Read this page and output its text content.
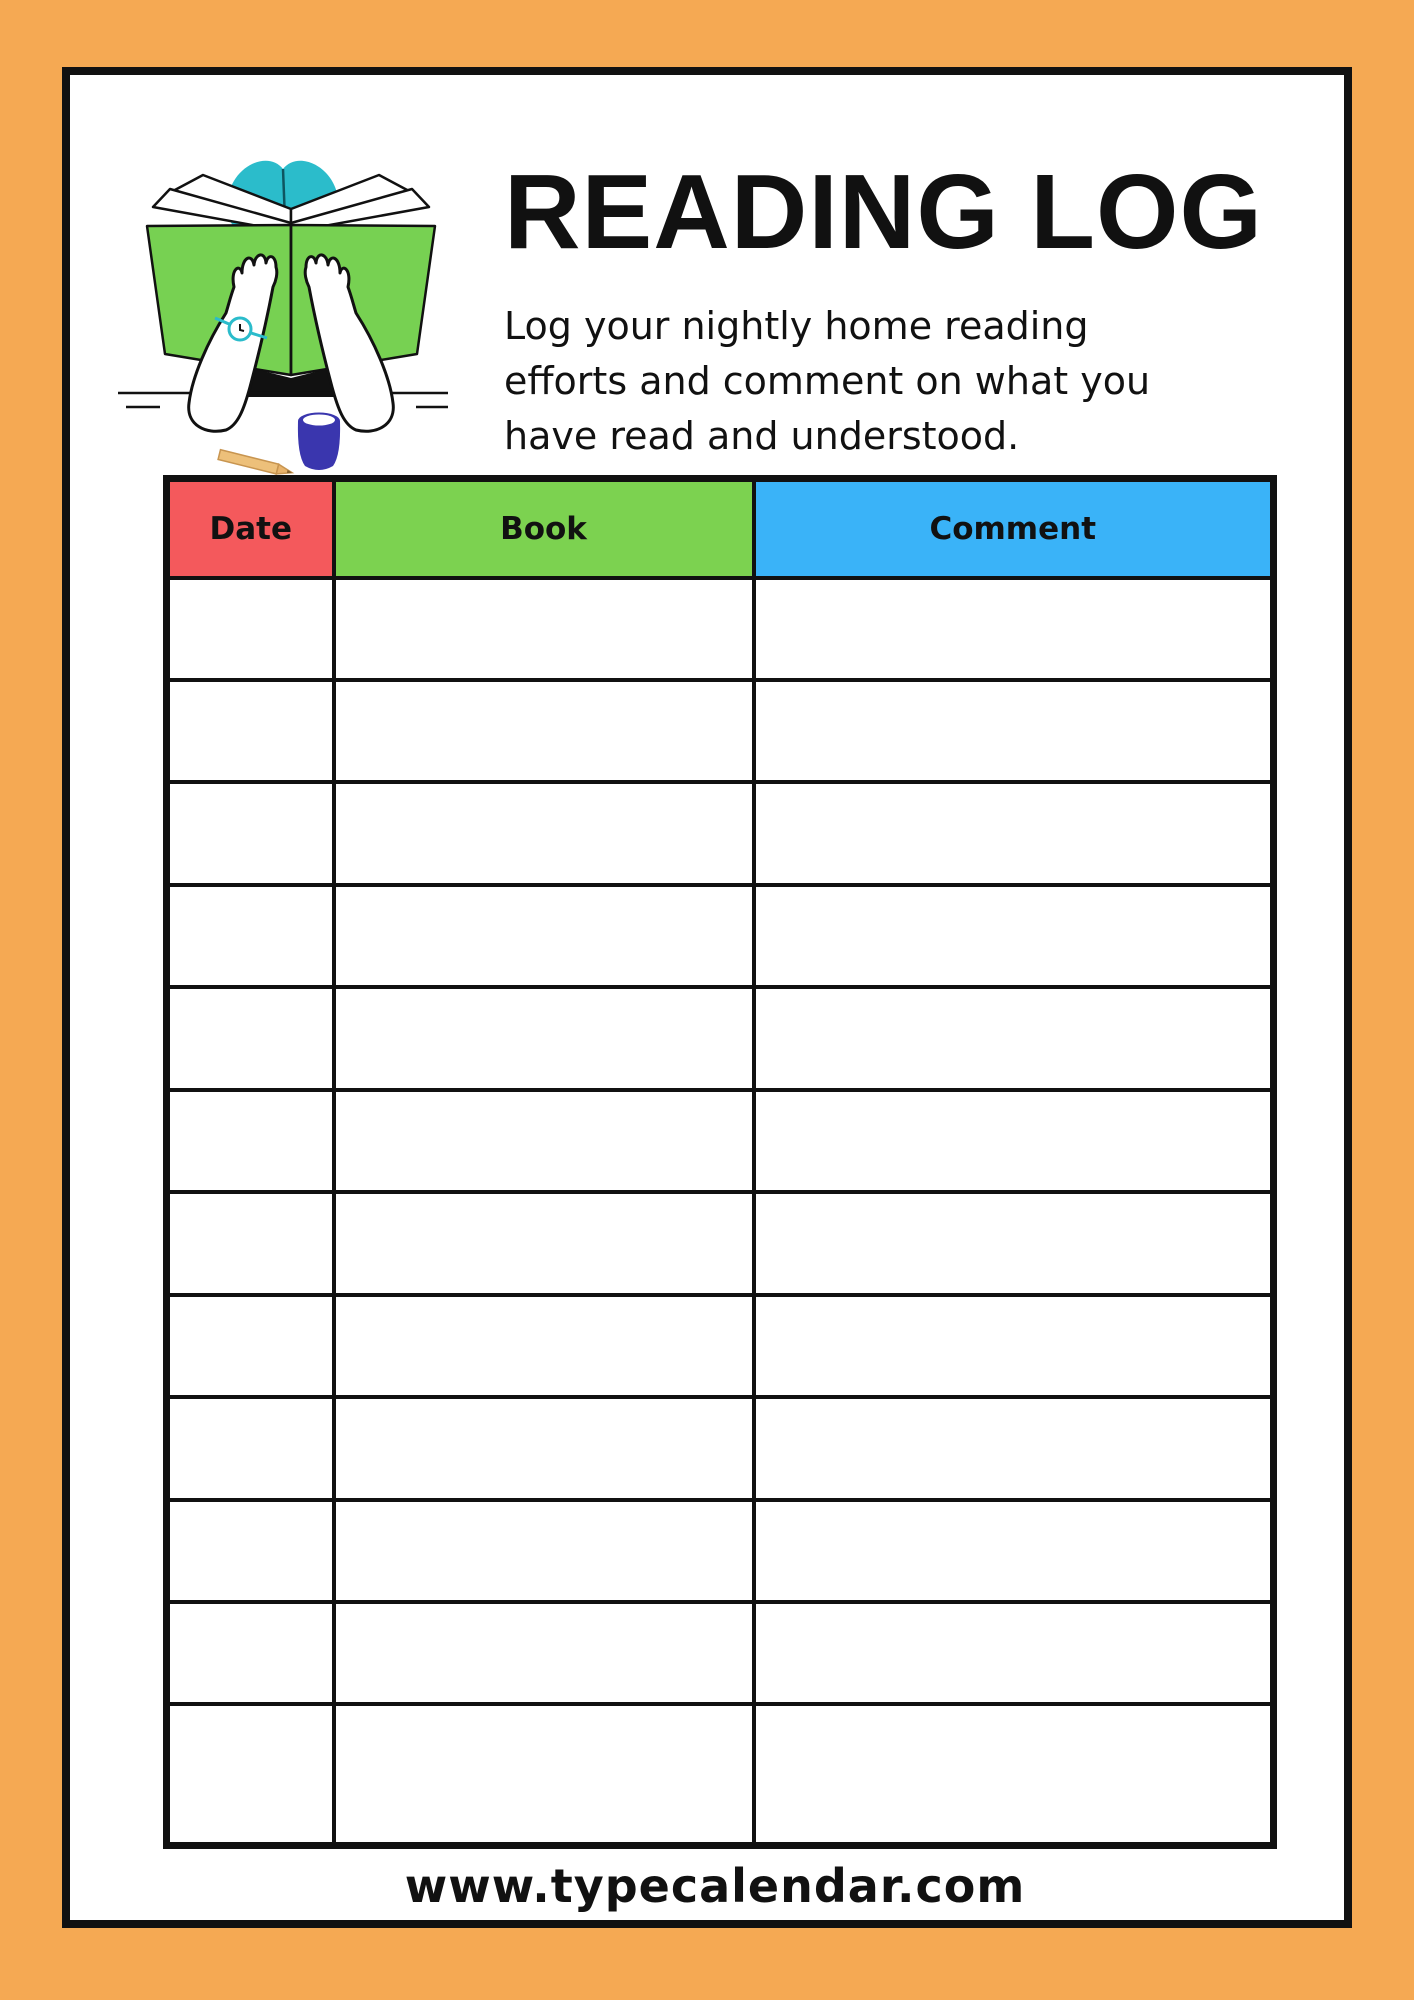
READING LOG
Log your nightly home reading
efforts and comment on what you
have read and understood.
Date	Book	Comment

www.typecalendar.com
